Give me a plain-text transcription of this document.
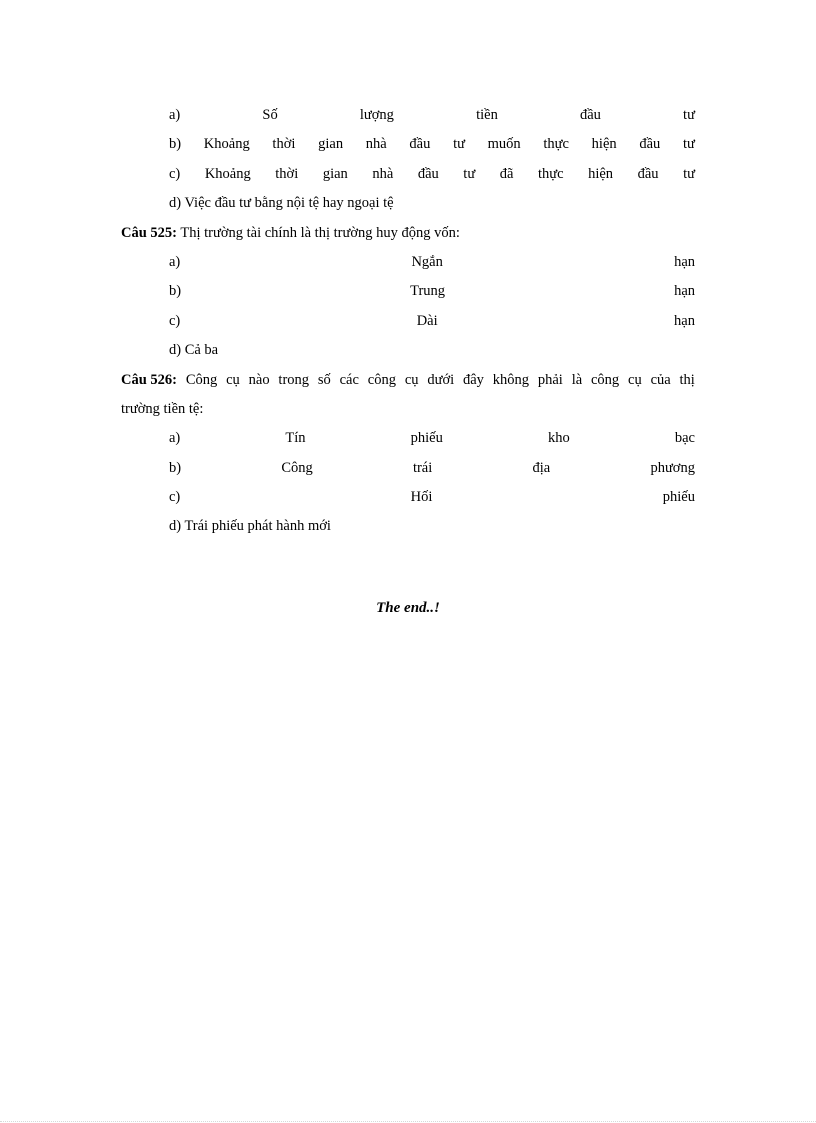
a)	Số	lượng	tiền	đầu	tư
b) Khoảng thời gian nhà đầu tư muốn thực hiện đầu tư
c) Khoảng thời gian nhà đầu tư đã thực hiện đầu tư
d) Việc đầu tư bằng nội tệ hay ngoại tệ
Câu 525: Thị trường tài chính là thị trường huy động vốn:
a)	Ngắn	hạn
b)	Trung	hạn
c)	Dài	hạn
d) Cả ba
Câu 526: Công cụ nào trong số các công cụ dưới đây không phải là công cụ của thị
trường tiền tệ:
a)	Tín	phiếu	kho	bạc
b)	Công	trái	địa	phương
c)	Hối	phiếu
d) Trái phiếu phát hành mới
The end..!
